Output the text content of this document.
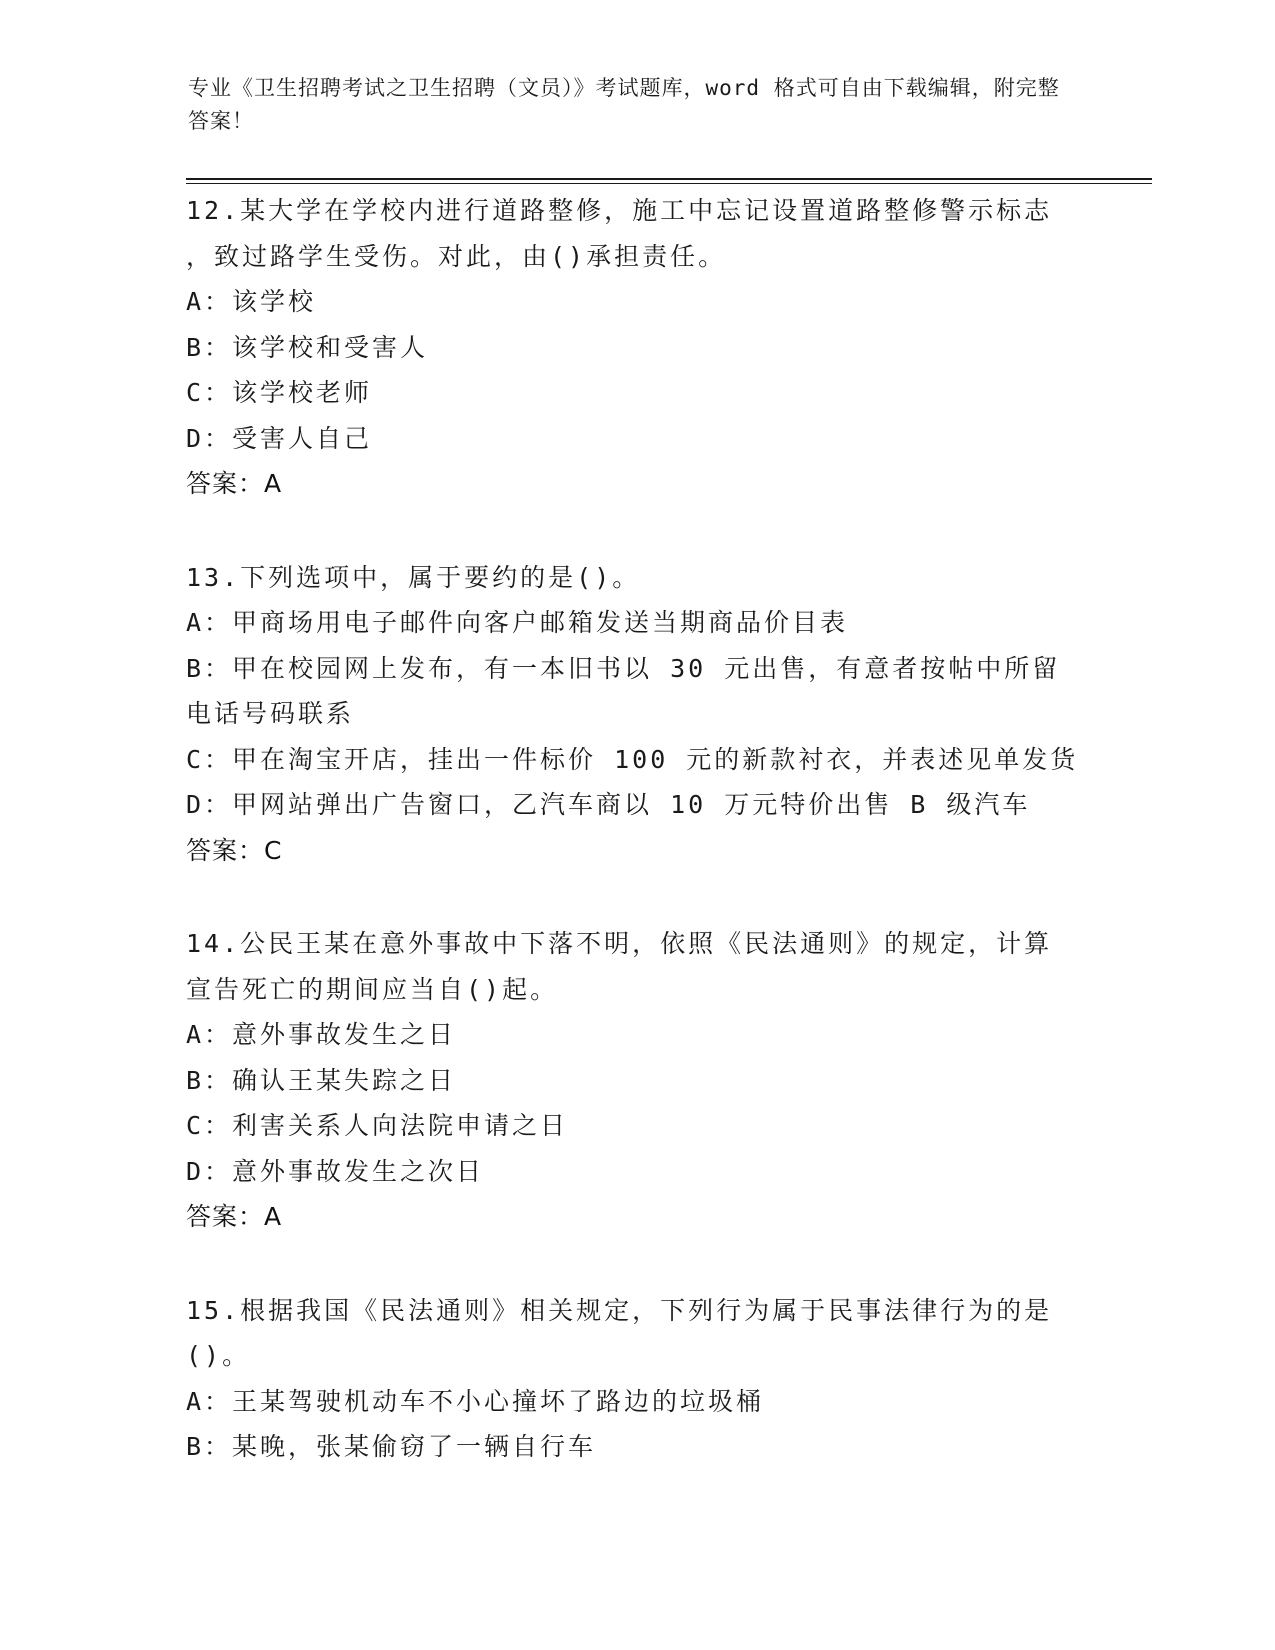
专业《卫生招聘考试之卫生招聘（文员）》考试题库，word 格式可自由下载编辑，附完整答案！
12.某大学在学校内进行道路整修，施工中忘记设置道路整修警示标志
，致过路学生受伤。对此，由()承担责任。
A：该学校
B：该学校和受害人
C：该学校老师
D：受害人自己
答案：A
13.下列选项中，属于要约的是()。
A：甲商场用电子邮件向客户邮箱发送当期商品价目表
B：甲在校园网上发布，有一本旧书以 30 元出售，有意者按帖中所留
电话号码联系
C：甲在淘宝开店，挂出一件标价 100 元的新款衬衣，并表述见单发货
D：甲网站弹出广告窗口，乙汽车商以 10 万元特价出售 B 级汽车
答案：C
14.公民王某在意外事故中下落不明，依照《民法通则》的规定，计算
宣告死亡的期间应当自()起。
A：意外事故发生之日
B：确认王某失踪之日
C：利害关系人向法院申请之日
D：意外事故发生之次日
答案：A
15.根据我国《民法通则》相关规定，下列行为属于民事法律行为的是
()。
A：王某驾驶机动车不小心撞坏了路边的垃圾桶
B：某晚，张某偷窃了一辆自行车
